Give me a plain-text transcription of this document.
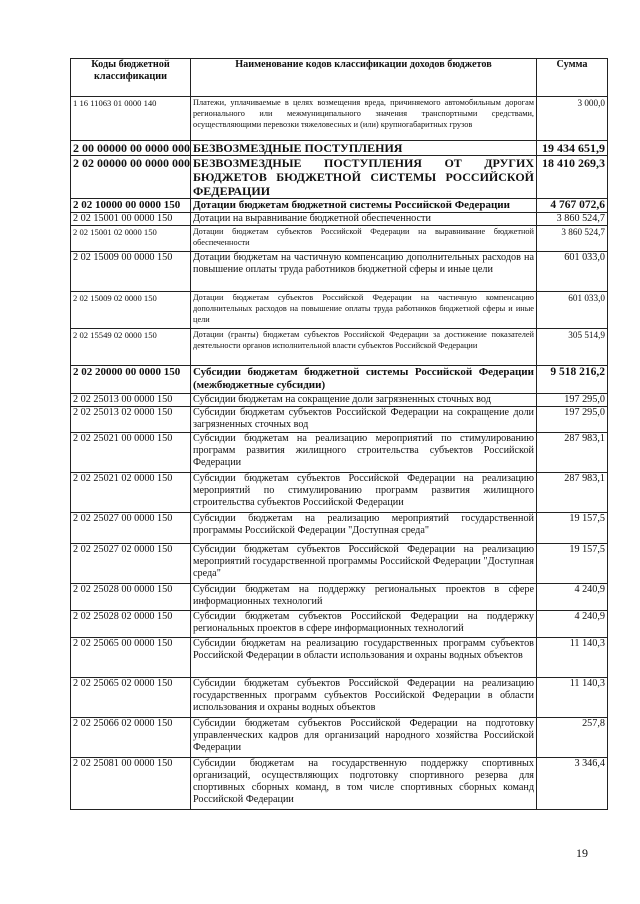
Коды бюджетной классификации	Наименование кодов классификации доходов бюджетов	Сумма
1 16 11063 01 0000 140	Платежи, уплачиваемые в целях возмещения вреда, причиняемого автомобильным дорогам регионального или межмуниципального значения транспортными средствами, осуществляющими перевозки тяжеловесных и (или) крупногабаритных грузов	3 000,0
2 00 00000 00 0000 000	БЕЗВОЗМЕЗДНЫЕ ПОСТУПЛЕНИЯ	19 434 651,9
2 02 00000 00 0000 000	БЕЗВОЗМЕЗДНЫЕ ПОСТУПЛЕНИЯ ОТ ДРУГИХ БЮДЖЕТОВ БЮДЖЕТНОЙ СИСТЕМЫ РОССИЙСКОЙ ФЕДЕРАЦИИ	18 410 269,3
2 02 10000 00 0000 150	Дотации бюджетам бюджетной системы Российской Федерации	4 767 072,6
2 02 15001 00 0000 150	Дотации на выравнивание бюджетной обеспеченности	3 860 524,7
2 02 15001 02 0000 150	Дотации бюджетам субъектов Российской Федерации на выравнивание бюджетной обеспеченности	3 860 524,7
2 02 15009 00 0000 150	Дотации бюджетам на частичную компенсацию дополнительных расходов на повышение оплаты труда работников бюджетной сферы и иные цели	601 033,0
2 02 15009 02 0000 150	Дотации бюджетам субъектов Российской Федерации на частичную компенсацию дополнительных расходов на повышение оплаты труда работников бюджетной сферы и иные цели	601 033,0
2 02 15549 02 0000 150	Дотации (гранты) бюджетам субъектов Российской Федерации за достижение показателей деятельности органов исполнительной власти субъектов Российской Федерации	305 514,9
2 02 20000 00 0000 150	Субсидии бюджетам бюджетной системы Российской Федерации (межбюджетные субсидии)	9 518 216,2
2 02 25013 00 0000 150	Субсидии бюджетам на сокращение доли загрязненных сточных вод	197 295,0
2 02 25013 02 0000 150	Субсидии бюджетам субъектов Российской Федерации на сокращение доли загрязненных сточных вод	197 295,0
2 02 25021 00 0000 150	Субсидии бюджетам на реализацию мероприятий по стимулированию программ развития жилищного строительства субъектов Российской Федерации	287 983,1
2 02 25021 02 0000 150	Субсидии бюджетам субъектов Российской Федерации на реализацию мероприятий по стимулированию программ развития жилищного строительства субъектов Российской Федерации	287 983,1
2 02 25027 00 0000 150	Субсидии бюджетам на реализацию мероприятий государственной программы Российской Федерации "Доступная среда"	19 157,5
2 02 25027 02 0000 150	Субсидии бюджетам субъектов Российской Федерации на реализацию мероприятий государственной программы Российской Федерации "Доступная среда"	19 157,5
2 02 25028 00 0000 150	Субсидии бюджетам на поддержку региональных проектов в сфере информационных технологий	4 240,9
2 02 25028 02 0000 150	Субсидии бюджетам субъектов Российской Федерации на поддержку региональных проектов в сфере информационных технологий	4 240,9
2 02 25065 00 0000 150	Субсидии бюджетам на реализацию государственных программ субъектов Российской Федерации в области использования и охраны водных объектов	11 140,3
2 02 25065 02 0000 150	Субсидии бюджетам субъектов Российской Федерации на реализацию государственных программ субъектов Российской Федерации в области использования и охраны водных объектов	11 140,3
2 02 25066 02 0000 150	Субсидии бюджетам субъектов Российской Федерации на подготовку управленческих кадров для организаций народного хозяйства Российской Федерации	257,8
2 02 25081 00 0000 150	Субсидии бюджетам на государственную поддержку спортивных организаций, осуществляющих подготовку спортивного резерва для спортивных сборных команд, в том числе спортивных сборных команд Российской Федерации	3 346,4
19
